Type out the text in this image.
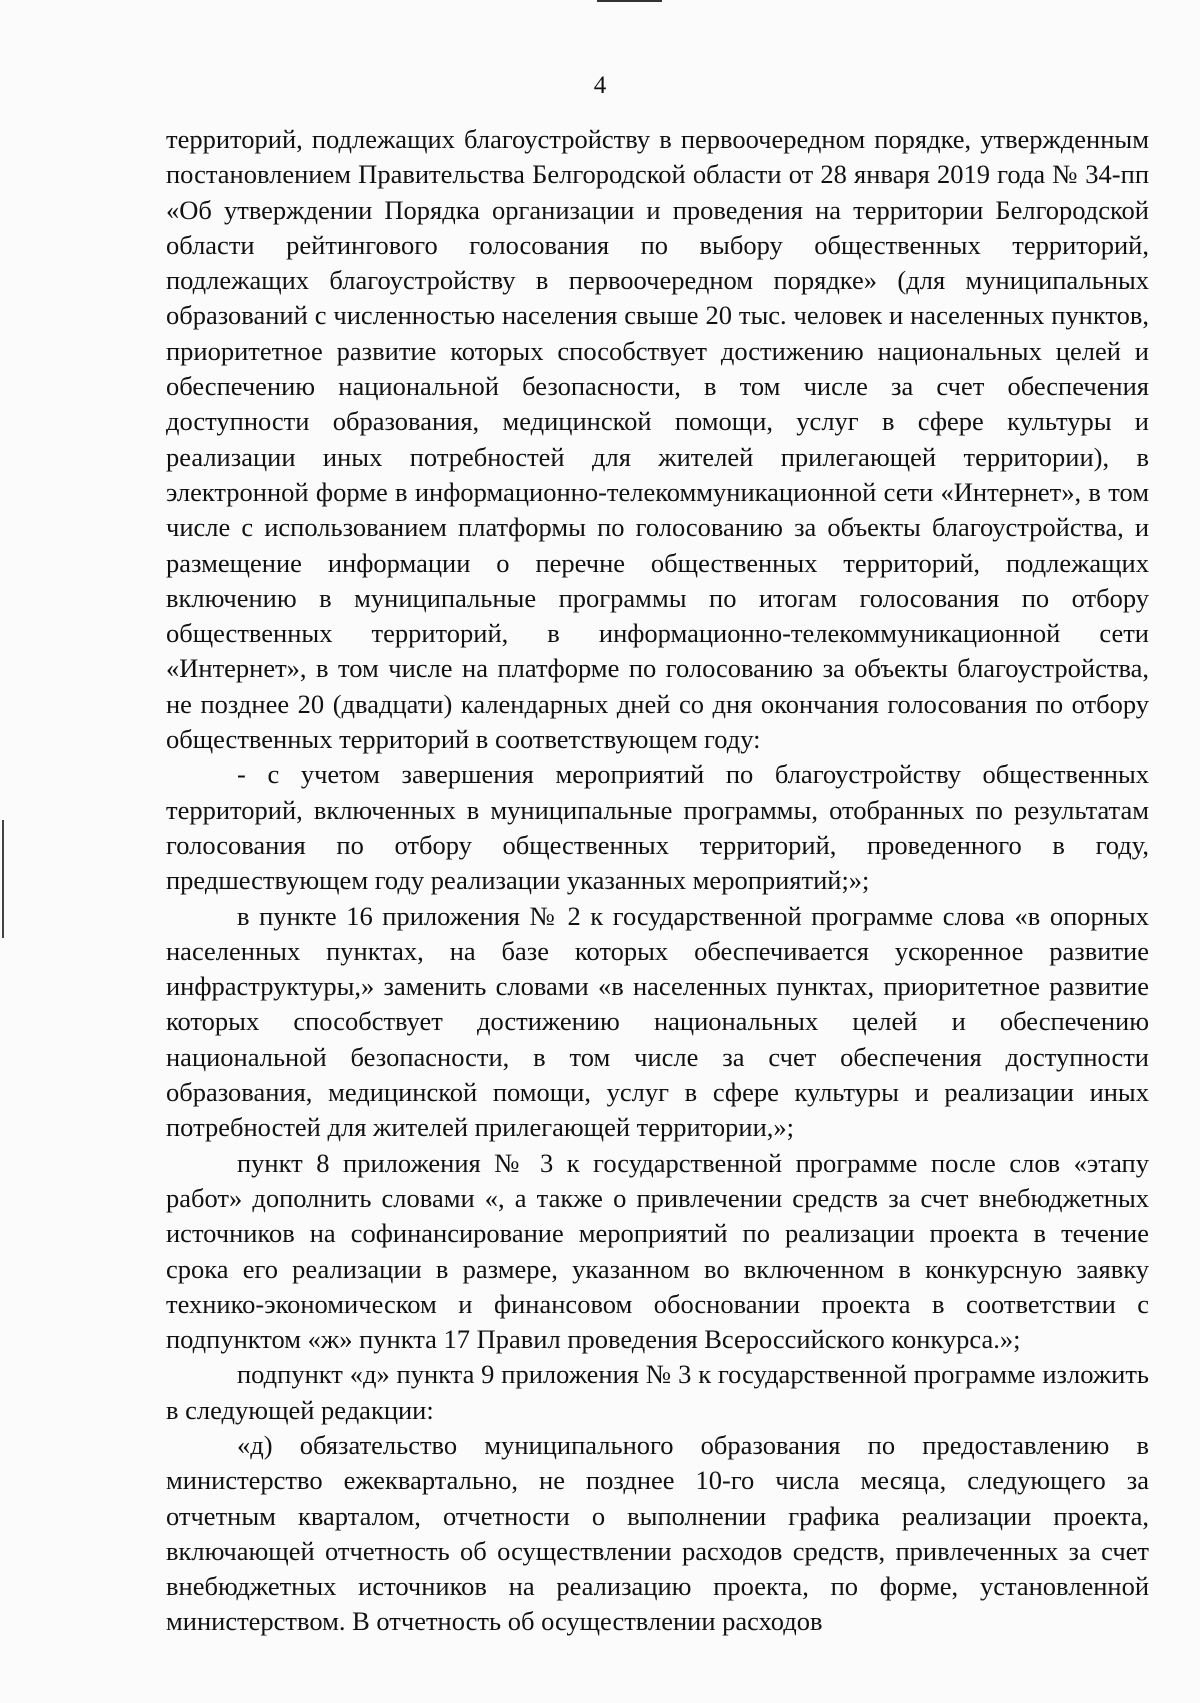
4

территорий, подлежащих благоустройству в первоочередном порядке, утвержденным постановлением Правительства Белгородской области от 28 января 2019 года № 34-пп «Об утверждении Порядка организации и проведения на территории Белгородской области рейтингового голосования по выбору общественных территорий, подлежащих благоустройству в первоочередном порядке» (для муниципальных образований с численностью населения свыше 20 тыс. человек и населенных пунктов, приоритетное развитие которых способствует достижению национальных целей и обеспечению национальной безопасности, в том числе за счет обеспечения доступности образования, медицинской помощи, услуг в сфере культуры и реализации иных потребностей для жителей прилегающей территории), в электронной форме в информационно-телекоммуникационной сети «Интернет», в том числе с использованием платформы по голосованию за объекты благоустройства, и размещение информации о перечне общественных территорий, подлежащих включению в муниципальные программы по итогам голосования по отбору общественных территорий, в информационно-телекоммуникационной сети «Интернет», в том числе на платформе по голосованию за объекты благоустройства, не позднее 20 (двадцати) календарных дней со дня окончания голосования по отбору общественных территорий в соответствующем году:

- с учетом завершения мероприятий по благоустройству общественных территорий, включенных в муниципальные программы, отобранных по результатам голосования по отбору общественных территорий, проведенного в году, предшествующем году реализации указанных мероприятий;»;

в пункте 16 приложения № 2 к государственной программе слова «в опорных населенных пунктах, на базе которых обеспечивается ускоренное развитие инфраструктуры,» заменить словами «в населенных пунктах, приоритетное развитие которых способствует достижению национальных целей и обеспечению национальной безопасности, в том числе за счет обеспечения доступности образования, медицинской помощи, услуг в сфере культуры и реализации иных потребностей для жителей прилегающей территории,»;

пункт 8 приложения № 3 к государственной программе после слов «этапу работ» дополнить словами «, а также о привлечении средств за счет внебюджетных источников на софинансирование мероприятий по реализации проекта в течение срока его реализации в размере, указанном во включенном в конкурсную заявку технико-экономическом и финансовом обосновании проекта в соответствии с подпунктом «ж» пункта 17 Правил проведения Всероссийского конкурса.»;

подпункт «д» пункта 9 приложения № 3 к государственной программе изложить в следующей редакции:

«д) обязательство муниципального образования по предоставлению в министерство ежеквартально, не позднее 10-го числа месяца, следующего за отчетным кварталом, отчетности о выполнении графика реализации проекта, включающей отчетность об осуществлении расходов средств, привлеченных за счет внебюджетных источников на реализацию проекта, по форме, установленной министерством. В отчетность об осуществлении расходов
